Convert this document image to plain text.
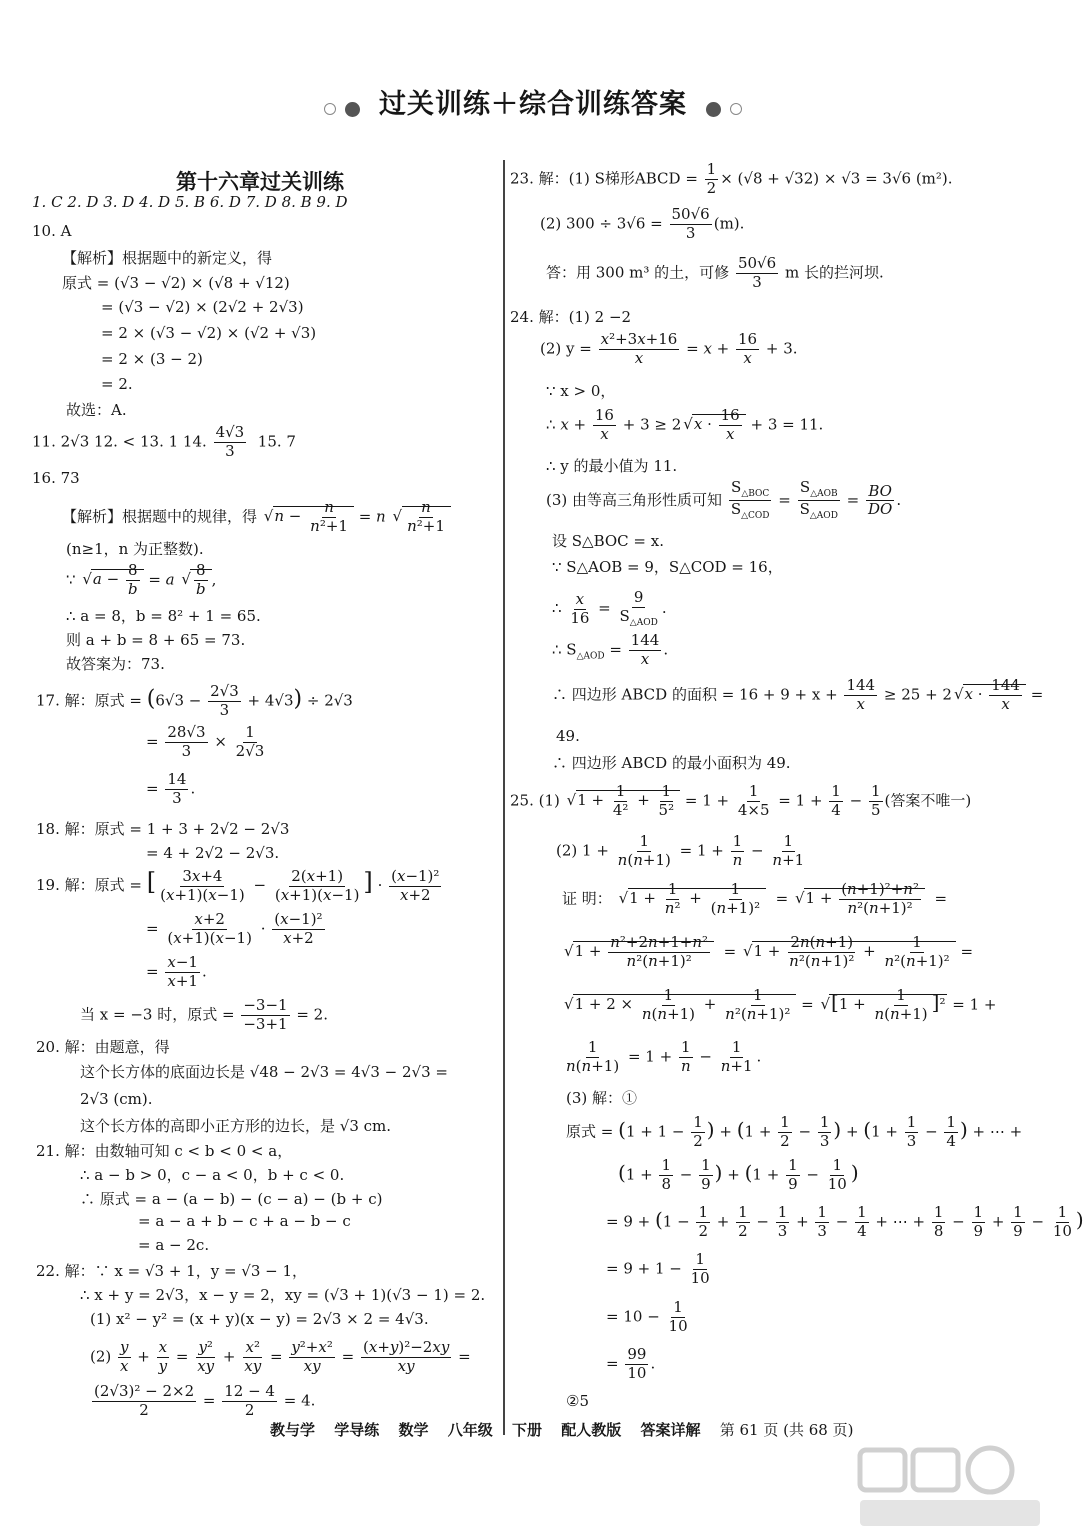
过关训练＋综合训练答案
第十六章过关训练
1. C 2. D 3. D 4. D 5. B 6. D 7. D 8. B 9. D
10. A
【解析】根据题中的新定义，得
原式 = (√3 − √2) × (√8 + √12)
= (√3 − √2) × (2√2 + 2√3)
= 2 × (√3 − √2) × (√2 + √3)
= 2 × (3 − 2)
= 2.
故选：A.
11. 2√3 12. < 13. 1 14. $\frac{4√3}{3} 15$. 7
16. 73
【解析】根据题中的规律，得 √ $n - \frac{n}{\text{n²+1}} = n$
√ $\frac{n}{\text{n²+1}}$
(n≥1，n 为正整数).
∵ √ $a - \frac{8}{b} = a$
√ $\frac{8}{b}$ ,
∴ a = 8，b = 8² + 1 = 65.
则 a + b = 8 + 65 = 73.
故答案为：73.
17. 解：原式 = $(6√3 - \frac{2√3}{3} + 4√3) \div 2√3$
= $\frac{28√3}{3} \times \frac{1}{2√3}$
= $\frac{14}{3}$ .
18. 解：原式 = 1 + 3 + 2√2 − 2√3
= 4 + 2√2 − 2√3.
19. 解：原式 = [ $\frac{3x+4}{(x+1)(x-1)} - \frac{2(x+1)}{(x+1)(x-1)}$ ] · $\frac{\text{(x−1)²}}{x+2}$
= $\frac{x+2}{(x+1)(x-1)} \cdot \frac{\text{(x−1)²}}{x+2}$
= $\frac{x-1}{x+1}$ .
当 x = −3 时，原式 = $\frac{-3-1}{-3+1} = 2$.
20. 解：由题意，得
这个长方体的底面边长是 √48 − 2√3 = 4√3 − 2√3 =
2√3 (cm).
这个长方体的高即小正方形的边长，是 √3 cm.
21. 解：由数轴可知 c < b < 0 < a，
∴ a − b > 0，c − a < 0，b + c < 0.
∴ 原式 = a − (a − b) − (c − a) − (b + c)
= a − a + b − c + a − b − c
= a − 2c.
22. 解：∵ x = √3 + 1，y = √3 − 1，
∴ x + y = 2√3，x − y = 2，xy = (√3 + 1)(√3 − 1) = 2.
(1) x² − y² = (x + y)(x − y) = 2√3 × 2 = 4√3.
$(2) \frac{y}{x} + \frac{x}{y} = \frac{\text{y²}}{xy} + \frac{\text{x²}}{xy} = \frac{\text{y²+x²}}{xy} = \frac{\text{(x+y)²−2xy}}{xy}$ =
$\frac{\text{(2√3)² − 2×2}}{2} = \frac{12 - 4}{2} = 4$.
23. 解：(1) S梯形ABCD = $\frac{1}{2} \times (√8 + √32) \times √3 = 3√6$ (m²).
(2) $300 \div 3√6 = \frac{50√6}{3} (m)$.
答：用 300 m³ 的土，可修 $\frac{50√6}{3}$ m 长的拦河坝.
24. 解：(1) 2 −2
(2) $y = \frac{\text{x²+3x+16}}{x} = x + \frac{16}{x} + 3$.
∵ x > 0，
∴ $x + \frac{16}{x} + 3 \ge 2√$ $x \cdot \frac{16}{x} + 3 = 11$.
∴ y 的最小值为 11.
(3) 由等高三角形性质可知 $\frac{S_{\triangle BOC}}{S_{\triangle COD}} = \frac{S_{\triangle AOB}}{S_{\triangle AOD}} = \frac{BO}{DO}$ .
设 S△BOC = x.
∵ S△AOB = 9，S△COD = 16，
∴ $\frac{x}{16} = \frac{9}{S_{\triangle AOD}}$ .
∴ $S_{\triangle AOD} = \frac{144}{x}$ .
∴ 四边形 ABCD 的面积 = $16 + 9 + x + \frac{144}{x} \ge 25 + 2√$ $x \cdot \frac{144}{x}$ =
49.
∴ 四边形 ABCD 的最小面积为 49.
25. (1) √ $1 + \frac{1}{\text{4²}} + \frac{1}{\text{5²}} = 1 + \frac{1}{4\times 5} = 1 + \frac{1}{4} - \frac{1}{5}$ (答案不唯一)
(2) $1 + \frac{1}{n(n+1)} = 1 + \frac{1}{n} - \frac{1}{n+1}$
证 明： √ $1 + \frac{1}{\text{n²}} + \frac{1}{\text{(n+1)²}}$ = √ $1 + \frac{\text{(n+1)²+n²}}{\text{n²(n+1)²}}$ =
√ $1 + \frac{\text{n²+2n+1+n²}}{\text{n²(n+1)²}}$ = √ $1 + \frac{2n(n+1)}{\text{n²(n+1)²}} + \frac{1}{\text{n²(n+1)²}}$ =
√ $1 + 2 \times \frac{1}{n(n+1)} + \frac{1}{\text{n²(n+1)²}}$ = √ $[1 + \frac{1}{n(n+1)} ]^2 = 1$ +
$\frac{1}{n(n+1)} = 1 + \frac{1}{n} - \frac{1}{n+1}$ .
(3) 解：①
原式 = ($1 + 1 - \frac{1}{2}$ ) + ($1 + \frac{1}{2} - \frac{1}{3}$ ) + ($1 + \frac{1}{3} - \frac{1}{4}$ ) + ⋯ +
($1 + \frac{1}{8} - \frac{1}{9}$ ) + ($1 + \frac{1}{9} - \frac{1}{10}$ )
= $9 + (1 - \frac{1}{2} + \frac{1}{2} - \frac{1}{3} + \frac{1}{3} - \frac{1}{4}$ + ⋯ + $\frac{1}{8} - \frac{1}{9} + \frac{1}{9} - \frac{1}{10}$ )
= $9 + 1 - \frac{1}{10}$
= $10 - \frac{1}{10}$
= $\frac{99}{10}$ .
②5
教与学 学导练 数学 八年级 下册 配人教版 答案详解 第 61 页 (共 68 页)
